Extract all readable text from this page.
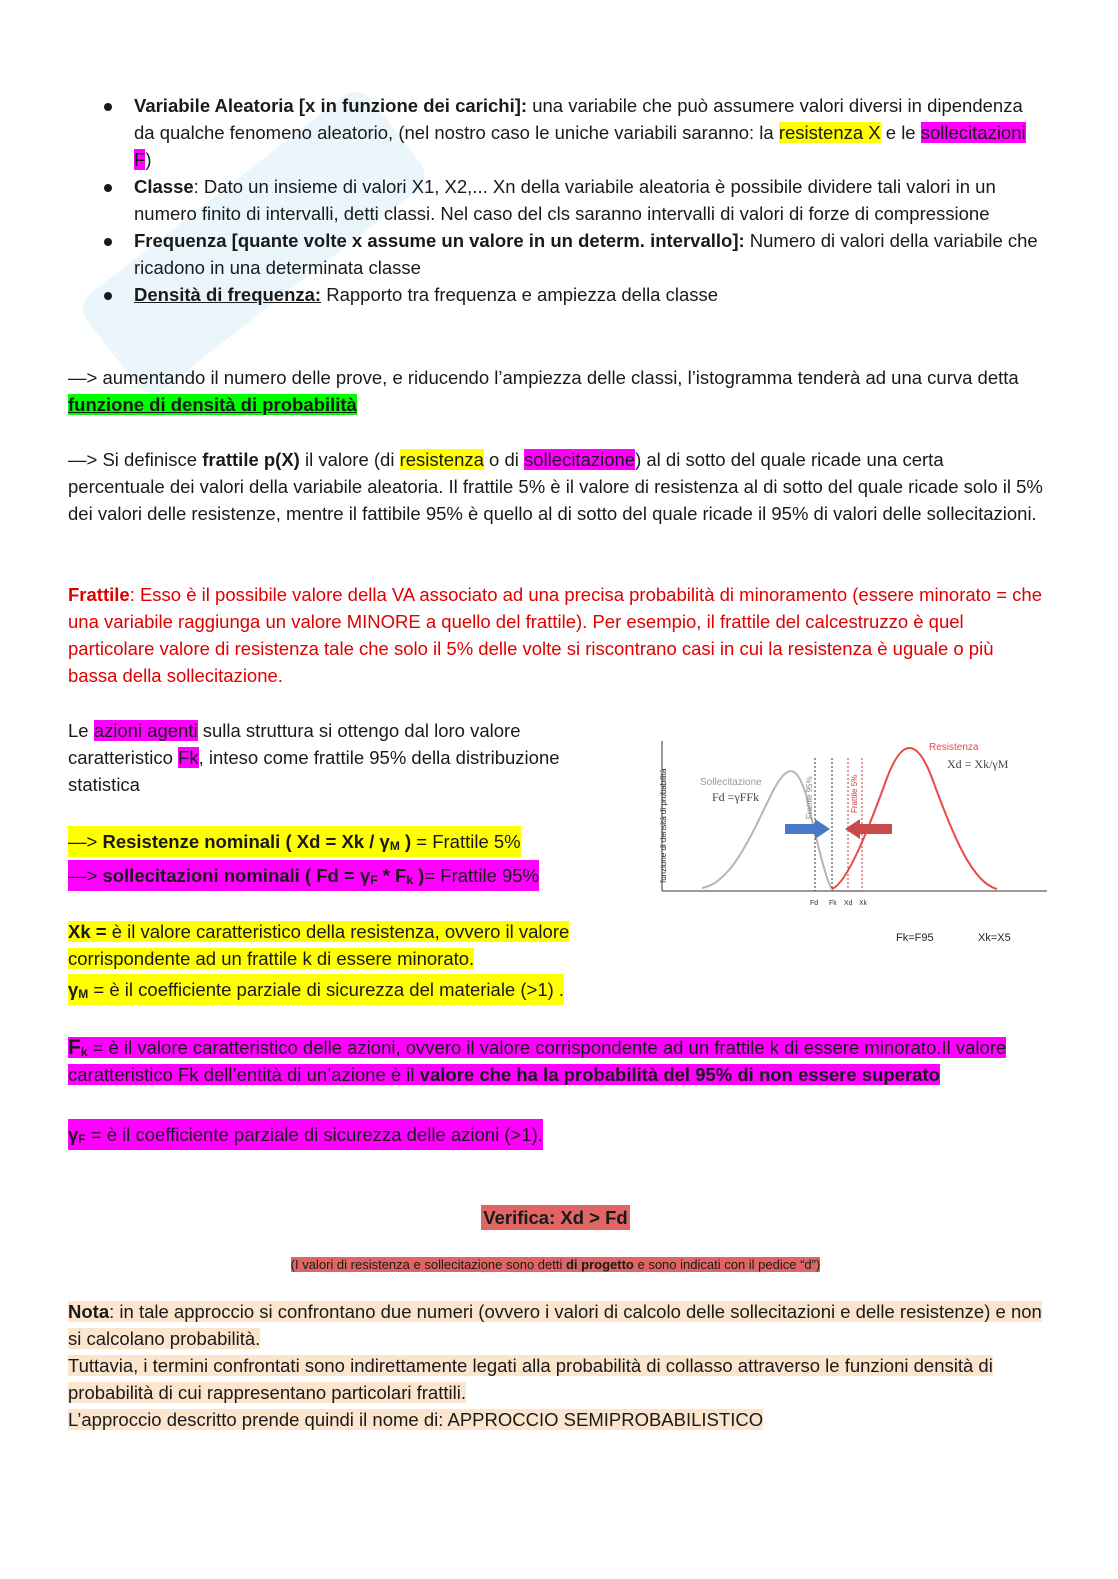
Variabile Aleatoria [x in funzione dei carichi]: una variabile che può assumere valori diversi in dipendenza da qualche fenomeno aleatorio, (nel nostro caso le uniche variabili saranno: la resistenza X e le sollecitazioni F)
Classe: Dato un insieme di valori X1, X2,... Xn della variabile aleatoria è possibile dividere tali valori in un numero finito di intervalli, detti classi. Nel caso del cls saranno intervalli di valori di forze di compressione
Frequenza [quante volte x assume un valore in un determ. intervallo]: Numero di valori della variabile che ricadono in una determinata classe
Densità di frequenza: Rapporto tra frequenza e ampiezza della classe

—> aumentando il numero delle prove, e riducendo l’ampiezza delle classi, l’istogramma tenderà ad una curva detta funzione di densità di probabilità

—> Si definisce frattile p(X) il valore (di resistenza o di sollecitazione) al di sotto del quale ricade una certa percentuale dei valori della variabile aleatoria. Il frattile 5% è il valore di resistenza al di sotto del quale ricade solo il 5% dei valori delle resistenze, mentre il fattibile 95% è quello al di sotto del quale ricade il 95% di valori delle sollecitazioni.

Frattile: Esso è il possibile valore della VA associato ad una precisa probabilità di minoramento (essere minorato = che una variabile raggiunga un valore MINORE a quello del frattile). Per esempio, il frattile del calcestruzzo è quel particolare valore di resistenza tale che solo il 5% delle volte si riscontrano casi in cui la resistenza è uguale o più bassa della sollecitazione.

Le azioni agenti sulla struttura si ottengo dal loro valore caratteristico Fk, inteso come frattile 95% della distribuzione statistica

—> Resistenze nominali ( Xd = Xk / γM ) = Frattile 5%
—> sollecitazioni nominali ( Fd = γF * Fk )= Frattile 95%

Xk = è il valore caratteristico della resistenza, ovvero il valore corrispondente ad un frattile k di essere minorato.

γM = è il coefficiente parziale di sicurezza del materiale (>1) .

Fk = è il valore caratteristico delle azioni, ovvero il valore corrispondente ad un frattile k di essere minorato.Il valore caratteristico Fk dell’entità di un’azione è il valore che ha la probabilità del 95% di non essere superato

γF = è il coefficiente parziale di sicurezza delle azioni (>1).
Verifica: Xd > Fd
(I valori di resistenza e sollecitazione sono detti di progetto e sono indicati con il pedice “d”)
Nota: in tale approccio si confrontano due numeri (ovvero i valori di calcolo delle sollecitazioni e delle resistenze) e non si calcolano probabilità.
Tuttavia, i termini confrontati sono indirettamente legati alla probabilità di collasso attraverso le funzioni densità di probabilità di cui rappresentano particolari frattili.
L’approccio descritto prende quindi il nome di: APPROCCIO SEMIPROBABILISTICO
funzione di densità di probabilità	Frattile 95%	Frattile 5%
Sollecitazione
Fd =γFFk
Resistenza
Xd = Xk/γM
Fd Fk Xd Xk
Fk=F95	Xk=X5
